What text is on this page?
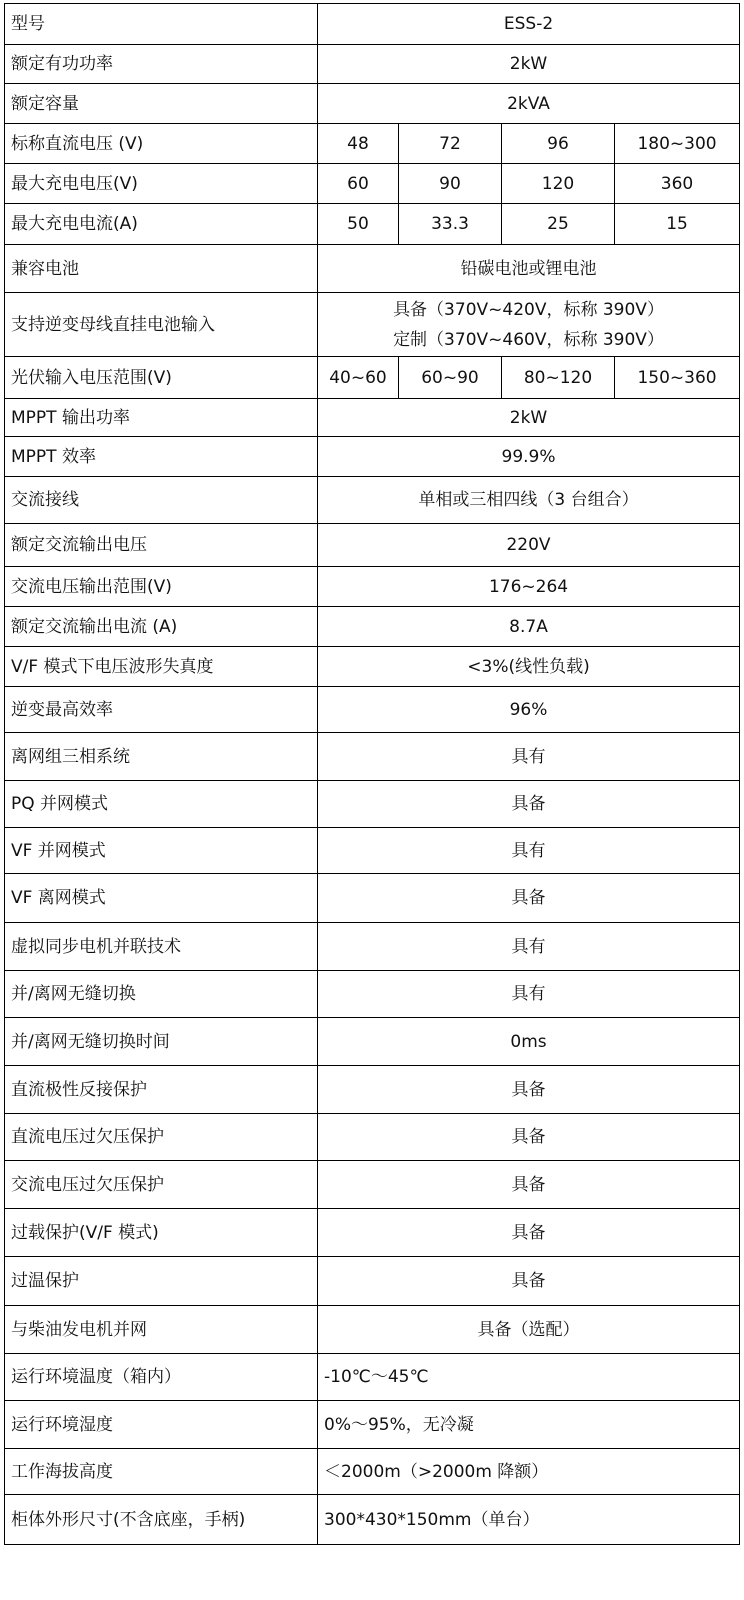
型号	ESS-2			
额定有功功率	2kW			
额定容量	2kVA			
标称直流电压 (V)	48	72	96	180~300
最大充电电压(V)	60	90	120	360
最大充电电流(A)	50	33.3	25	15
兼容电池	铅碳电池或锂电池			
支持逆变母线直挂电池输入	具备（370V~420V，标称 390V）
定制（370V~460V，标称 390V）			

光伏输入电压范围(V)	40~60	60~90	80~120	150~360
MPPT 输出功率	2kW			
MPPT 效率	99.9%			
交流接线	单相或三相四线（3 台组合）			
额定交流输出电压	220V			
交流电压输出范围(V)	176~264			
额定交流输出电流 (A)	8.7A			
V/F 模式下电压波形失真度	<3%(线性负载)			
逆变最高效率	96%			
离网组三相系统	具有			
PQ 并网模式	具备			
VF 并网模式	具有			
VF 离网模式	具备			
虚拟同步电机并联技术	具有			
并/离网无缝切换	具有			
并/离网无缝切换时间	0ms			
直流极性反接保护	具备			
直流电压过欠压保护	具备			
交流电压过欠压保护	具备			
过载保护(V/F 模式)	具备			
过温保护	具备			
与柴油发电机并网	具备（选配）			
运行环境温度（箱内）	-10℃～45℃			
运行环境湿度	0%～95%，无冷凝			
工作海拔高度	＜2000m（>2000m 降额）			
柜体外形尺寸(不含底座，手柄)	300*430*150mm（单台）			
